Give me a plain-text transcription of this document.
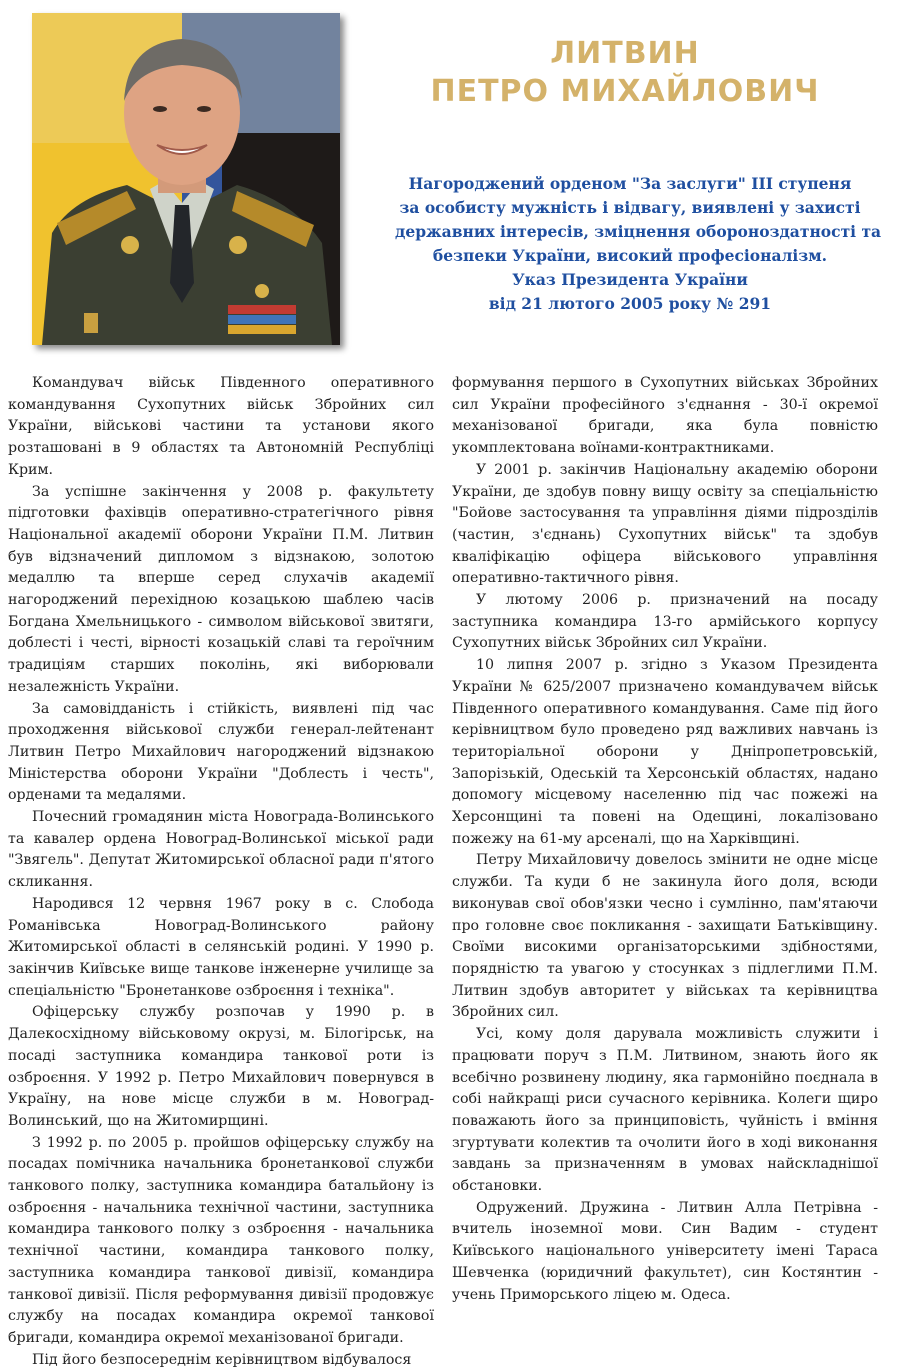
ЛИТВИН
ПЕТРО МИХАЙЛОВИЧ
Нагороджений орденом "За заслуги" III ступеня
за особисту мужність і відвагу, виявлені у захисті
державних інтересів, зміцнення обороноздатності та
безпеки України, високий професіоналізм.
Указ Президента України
від 21 лютого 2005 року № 291

Командувач військ Південного оперативного командування Сухопутних військ Збройних сил України, військові частини та установи якого розташовані в 9 областях та Автономній Республіці Крим.

За успішне закінчення у 2008 р. факультету підготовки фахівців оперативно-стратегічного рівня Національної академії оборони України П.М. Литвин був відзначений дипломом з відзнакою, золотою медаллю та вперше серед слухачів академії нагороджений перехідною козацькою шаблею часів Богдана Хмельницького - символом військової звитяги, доблесті і честі, вірності козацькій славі та героїчним традиціям старших поколінь, які виборювали незалежність України.

За самовідданість і стійкість, виявлені під час проходження військової служби генерал-лейтенант Литвин Петро Михайлович нагороджений відзнакою Міністерства оборони України "Доблесть і честь", орденами та медалями.

Почесний громадянин міста Новограда-Волинського та кавалер ордена Новоград-Волинської міської ради "Звягель". Депутат Житомирської обласної ради п'ятого скликання.

Народився 12 червня 1967 року в с. Слобода Романівська Новоград-Волинського району Житомирської області в селянській родині. У 1990 р. закінчив Київське вище танкове інженерне училище за спеціальністю "Бронетанкове озброєння і техніка".

Офіцерську службу розпочав у 1990 р. в Далекосхідному військовому окрузі, м. Білогірськ, на посаді заступника командира танкової роти із озброєння. У 1992 р. Петро Михайлович повернувся в Україну, на нове місце служби в м. Новоград-Волинський, що на Житомирщині.

З 1992 р. по 2005 р. пройшов офіцерську службу на посадах помічника начальника бронетанкової служби танкового полку, заступника командира батальйону із озброєння - начальника технічної частини, заступника командира танкового полку з озброєння - начальника технічної частини, командира танкового полку, заступника командира танкової дивізії, командира танкової дивізії. Після реформування дивізії продовжує службу на посадах командира окремої танкової бригади, командира окремої механізованої бригади.

Під його безпосереднім керівництвом відбувалося

формування першого в Сухопутних військах Збройних сил України професійного з'єднання - 30-ї окремої механізованої бригади, яка була повністю укомплектована воїнами-контрактниками.

У 2001 р. закінчив Національну академію оборони України, де здобув повну вищу освіту за спеціальністю "Бойове застосування та управління діями підрозділів (частин, з'єднань) Сухопутних військ" та здобув кваліфікацію офіцера військового управління оперативно-тактичного рівня.

У лютому 2006 р. призначений на посаду заступника командира 13-го армійського корпусу Сухопутних військ Збройних сил України.

10 липня 2007 р. згідно з Указом Президента України № 625/2007 призначено командувачем військ Південного оперативного командування. Саме під його керівництвом було проведено ряд важливих навчань із територіальної оборони у Дніпропетровській, Запорізькій, Одеській та Херсонській областях, надано допомогу місцевому населенню під час пожежі на Херсонщині та повені на Одещині, локалізовано пожежу на 61-му арсеналі, що на Харківщині.

Петру Михайловичу довелось змінити не одне місце служби. Та куди б не закинула його доля, всюди виконував свої обов'язки чесно і сумлінно, пам'ятаючи про головне своє покликання - захищати Батьківщину. Своїми високими організаторськими здібностями, порядністю та увагою у стосунках з підлеглими П.М. Литвин здобув авторитет у військах та керівництва Збройних сил.

Усі, кому доля дарувала можливість служити і працювати поруч з П.М. Литвином, знають його як всебічно розвинену людину, яка гармонійно поєднала в собі найкращі риси сучасного керівника. Колеги щиро поважають його за принциповість, чуйність і вміння згуртувати колектив та очолити його в ході виконання завдань за призначенням в умовах найскладнішої обстановки.

Одружений. Дружина - Литвин Алла Петрівна - вчитель іноземної мови. Син Вадим - студент Київського національного університету імені Тараса Шевченка (юридичний факультет), син Костянтин - учень Приморського ліцею м. Одеса.
